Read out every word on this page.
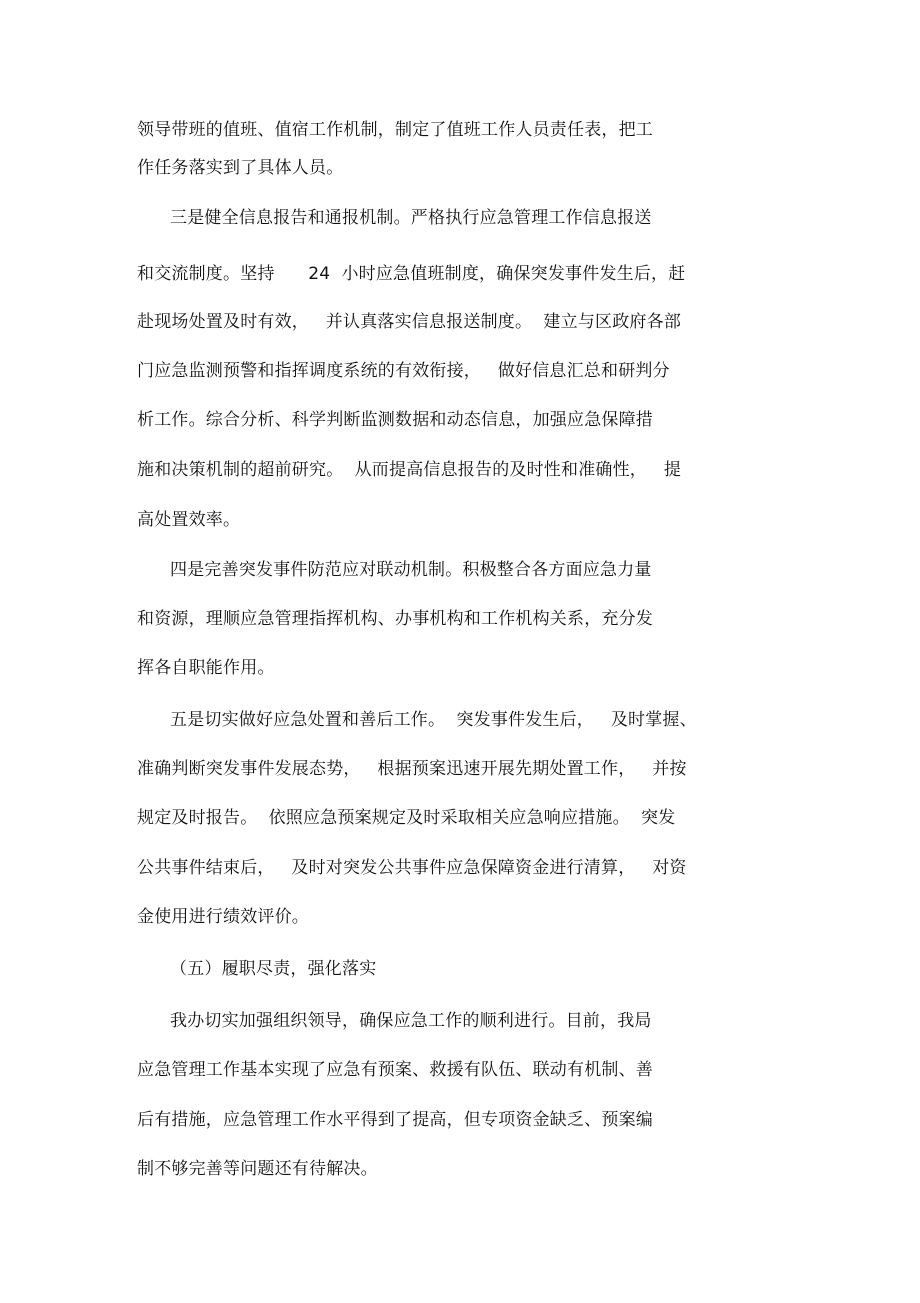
领导带班的值班、值宿工作机制，制定了值班工作人员责任表，把工
作任务落实到了具体人员。
三是健全信息报告和通报机制。严格执行应急管理工作信息报送
和交流制度。坚持      24  小时应急值班制度，确保突发事件发生后，赶
赴现场处置及时有效，   并认真落实信息报送制度。  建立与区政府各部
门应急监测预警和指挥调度系统的有效衔接，   做好信息汇总和研判分
析工作。综合分析、科学判断监测数据和动态信息，加强应急保障措
施和决策机制的超前研究。  从而提高信息报告的及时性和准确性，   提
高处置效率。
四是完善突发事件防范应对联动机制。积极整合各方面应急力量
和资源，理顺应急管理指挥机构、办事机构和工作机构关系，充分发
挥各自职能作用。
五是切实做好应急处置和善后工作。  突发事件发生后，   及时掌握、
准确判断突发事件发展态势，   根据预案迅速开展先期处置工作，   并按
规定及时报告。  依照应急预案规定及时采取相关应急响应措施。  突发
公共事件结束后，   及时对突发公共事件应急保障资金进行清算，   对资
金使用进行绩效评价。
（五）履职尽责，强化落实
我办切实加强组织领导，确保应急工作的顺利进行。目前，我局
应急管理工作基本实现了应急有预案、救援有队伍、联动有机制、善
后有措施，应急管理工作水平得到了提高，但专项资金缺乏、预案编
制不够完善等问题还有待解决。
